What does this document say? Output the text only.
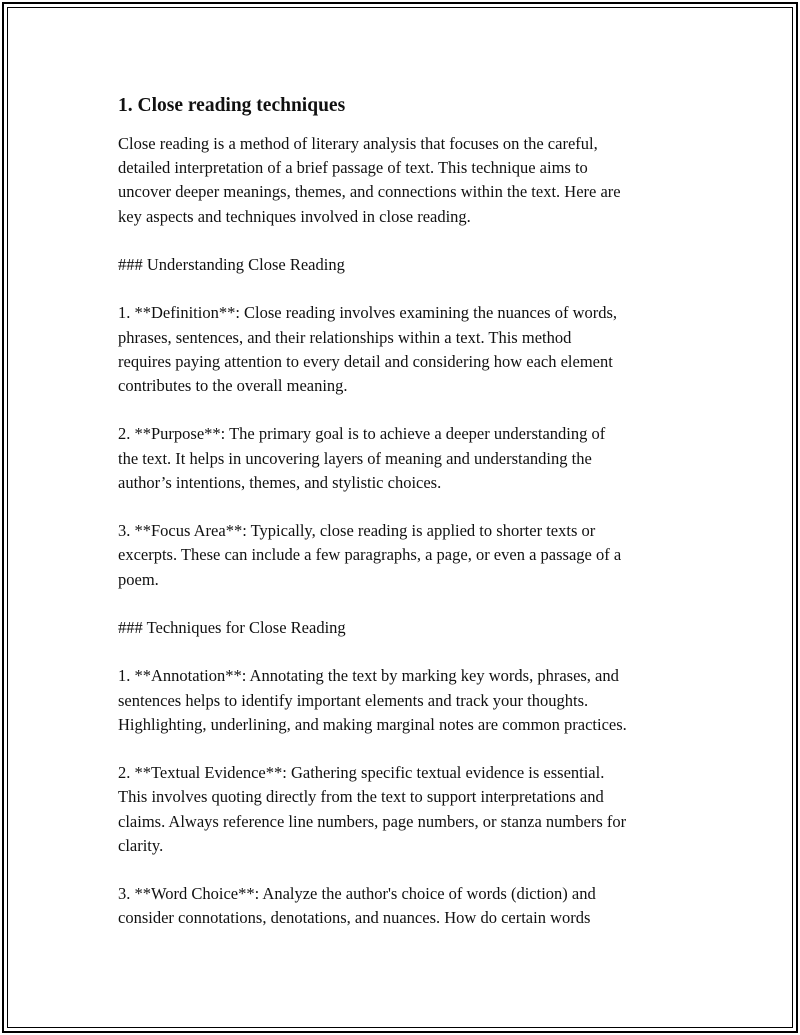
1. Close reading techniques

Close reading is a method of literary analysis that focuses on the careful,
detailed interpretation of a brief passage of text. This technique aims to
uncover deeper meanings, themes, and connections within the text. Here are
key aspects and techniques involved in close reading.

### Understanding Close Reading

1. **Definition**: Close reading involves examining the nuances of words,
phrases, sentences, and their relationships within a text. This method
requires paying attention to every detail and considering how each element
contributes to the overall meaning.

2. **Purpose**: The primary goal is to achieve a deeper understanding of
the text. It helps in uncovering layers of meaning and understanding the
author’s intentions, themes, and stylistic choices.

3. **Focus Area**: Typically, close reading is applied to shorter texts or
excerpts. These can include a few paragraphs, a page, or even a passage of a
poem.

### Techniques for Close Reading

1. **Annotation**: Annotating the text by marking key words, phrases, and
sentences helps to identify important elements and track your thoughts.
Highlighting, underlining, and making marginal notes are common practices.

2. **Textual Evidence**: Gathering specific textual evidence is essential.
This involves quoting directly from the text to support interpretations and
claims. Always reference line numbers, page numbers, or stanza numbers for
clarity.

3. **Word Choice**: Analyze the author's choice of words (diction) and
consider connotations, denotations, and nuances. How do certain words
